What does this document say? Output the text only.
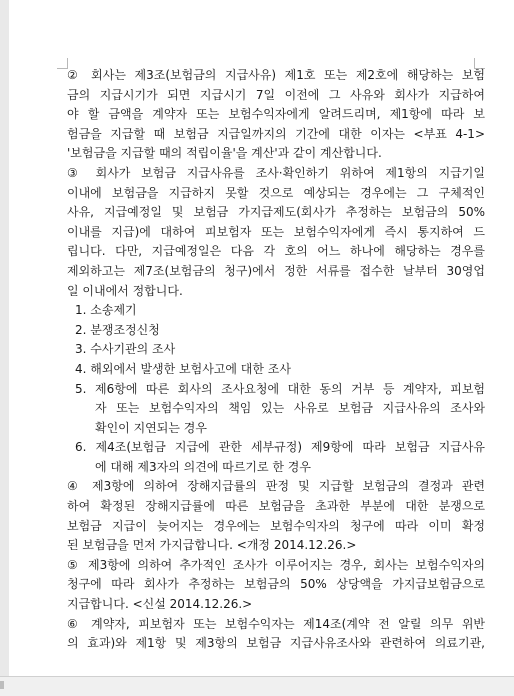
② 회사는 제3조(보험금의 지급사유) 제1호 또는 제2호에 해당하는 보험
금의 지급시기가 되면 지급시기 7일 이전에 그 사유와 회사가 지급하여
야 할 금액을 계약자 또는 보험수익자에게 알려드리며, 제1항에 따라 보
험금을 지급할 때 보험금 지급일까지의 기간에 대한 이자는 <부표 4-1>
'보험금을 지급할 때의 적립이율'을 계산'과 같이 계산합니다.
③ 회사가 보험금 지급사유를 조사·확인하기 위하여 제1항의 지급기일
이내에 보험금을 지급하지 못할 것으로 예상되는 경우에는 그 구체적인
사유, 지급예정일 및 보험금 가지급제도(회사가 추정하는 보험금의 50%
이내를 지급)에 대하여 피보험자 또는 보험수익자에게 즉시 통지하여 드
립니다. 다만, 지급예정일은 다음 각 호의 어느 하나에 해당하는 경우를
제외하고는 제7조(보험금의 청구)에서 정한 서류를 접수한 날부터 30영업
일 이내에서 정합니다.
1. 소송제기
2. 분쟁조정신청
3. 수사기관의 조사
4. 해외에서 발생한 보험사고에 대한 조사
5. 제6항에 따른 회사의 조사요청에 대한 동의 거부 등 계약자, 피보험
자 또는 보험수익자의 책임 있는 사유로 보험금 지급사유의 조사와
확인이 지연되는 경우
6. 제4조(보험금 지급에 관한 세부규정) 제9항에 따라 보험금 지급사유
에 대해 제3자의 의견에 따르기로 한 경우
④ 제3항에 의하여 장해지급률의 판정 및 지급할 보험금의 결정과 관련
하여 확정된 장해지급률에 따른 보험금을 초과한 부분에 대한 분쟁으로
보험금 지급이 늦어지는 경우에는 보험수익자의 청구에 따라 이미 확정
된 보험금을 먼저 가지급합니다. <개정 2014.12.26.>
⑤ 제3항에 의하여 추가적인 조사가 이루어지는 경우, 회사는 보험수익자의
청구에 따라 회사가 추정하는 보험금의 50% 상당액을 가지급보험금으로
지급합니다. <신설 2014.12.26.>
⑥ 계약자, 피보험자 또는 보험수익자는 제14조(계약 전 알릴 의무 위반
의 효과)와 제1항 및 제3항의 보험금 지급사유조사와 관련하여 의료기관,
